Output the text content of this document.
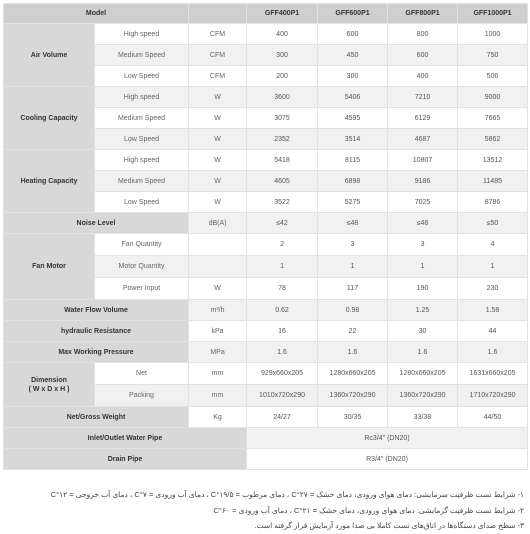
Model			GFF400P1	GFF600P1	GFF800P1	GFF1000P1
Air Volume	High speed	CFM	400	600	800	1000
	Medium Speed	CFM	300	450	600	750
	Low Speed	CFM	200	300	400	500
Cooling Capacity	High speed	W	3600	5406	7210	9000
	Medium Speed	W	3075	4595	6129	7665
	Low Speed	W	2352	3514	4687	5862
Heating Capacity	High speed	W	5418	8115	10807	13512
	Medium Speed	W	4605	6898	9186	11485
	Low Speed	W	3522	5275	7025	8786
Noise Level		dB(A)	≤42	≤48	≤48	≤50
Fan Motor	Fan Quantity		2	3	3	4
	Motor Quantity		1	1	1	1
	Power Input	W	78	117	190	230
Water Flow Volume		m³/h	0.62	0.98	1.25	1.58
hydraulic Resistance		kPa	16	22	30	44
Max Working Pressure		MPa	1.6	1.6	1.6	1.6

Dimension
( W x D x H )	Net	mm	929x660x205	1280x660x205	1280x660x205	1631x660x205
	Packing	mm	1010x720x290	1360x720x290	1360x720x290	1710x720x290
Net/Gross Weight		Kg	24/27	30/35	33/38	44/50
Inlet/Outlet Water Pipe			Rc3/4" (DN20)			
Drain Pipe			R3/4" (DN20)			
۱- شرایط تست ظرفیت سرمایشی: دمای هوای ورودی، دمای خشک = ۲۷°C ، دمای مرطوب = ۱۹/۵°C ، دمای آب ورودی = ۷°C ، دمای آب خروجی = ۱۲°C
۲- شرایط تست ظرفیت گرمایشی: دمای هوای ورودی، دمای خشک = ۲۱°C ، دمای آب ورودی = ۶۰°C
۳- سطح صدای دستگاه‌ها در اتاق‌های تست کاملا بی صدا مورد آزمایش قرار گرفته است.
